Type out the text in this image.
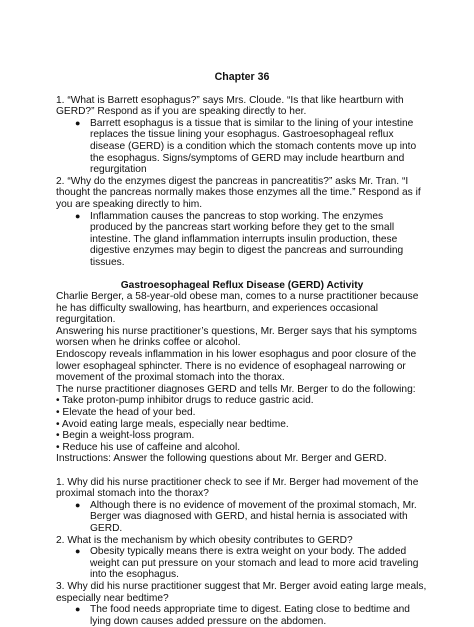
Chapter 36

1. “What is Barrett esophagus?” says Mrs. Cloude. “Is that like heartburn with GERD?” Respond as if you are speaking directly to her.

● Barrett esophagus is a tissue that is similar to the lining of your intestine replaces the tissue lining your esophagus. Gastroesophageal reflux disease (GERD) is a condition which the stomach contents move up into the esophagus. Signs/symptoms of GERD may include heartburn and regurgitation

2. “Why do the enzymes digest the pancreas in pancreatitis?” asks Mr. Tran. “I thought the pancreas normally makes those enzymes all the time.” Respond as if you are speaking directly to him.

● Inflammation causes the pancreas to stop working. The enzymes produced by the pancreas start working before they get to the small intestine. The gland inflammation interrupts insulin production, these digestive enzymes may begin to digest the pancreas and surrounding tissues.
Gastroesophageal Reflux Disease (GERD) Activity

Charlie Berger, a 58-year-old obese man, comes to a nurse practitioner because he has difficulty swallowing, has heartburn, and experiences occasional regurgitation.

Answering his nurse practitioner’s questions, Mr. Berger says that his symptoms worsen when he drinks coffee or alcohol.

Endoscopy reveals inflammation in his lower esophagus and poor closure of the lower esophageal sphincter. There is no evidence of esophageal narrowing or movement of the proximal stomach into the thorax.

The nurse practitioner diagnoses GERD and tells Mr. Berger to do the following:

• Take proton-pump inhibitor drugs to reduce gastric acid.

• Elevate the head of your bed.

• Avoid eating large meals, especially near bedtime.

• Begin a weight-loss program.

• Reduce his use of caffeine and alcohol.

Instructions: Answer the following questions about Mr. Berger and GERD.

1. Why did his nurse practitioner check to see if Mr. Berger had movement of the proximal stomach into the thorax?

● Although there is no evidence of movement of the proximal stomach, Mr. Berger was diagnosed with GERD, and histal hernia is associated with GERD.

2. What is the mechanism by which obesity contributes to GERD?

● Obesity typically means there is extra weight on your body. The added weight can put pressure on your stomach and lead to more acid traveling into the esophagus.

3. Why did his nurse practitioner suggest that Mr. Berger avoid eating large meals, especially near bedtime?

● The food needs appropriate time to digest. Eating close to bedtime and lying down causes added pressure on the abdomen.
